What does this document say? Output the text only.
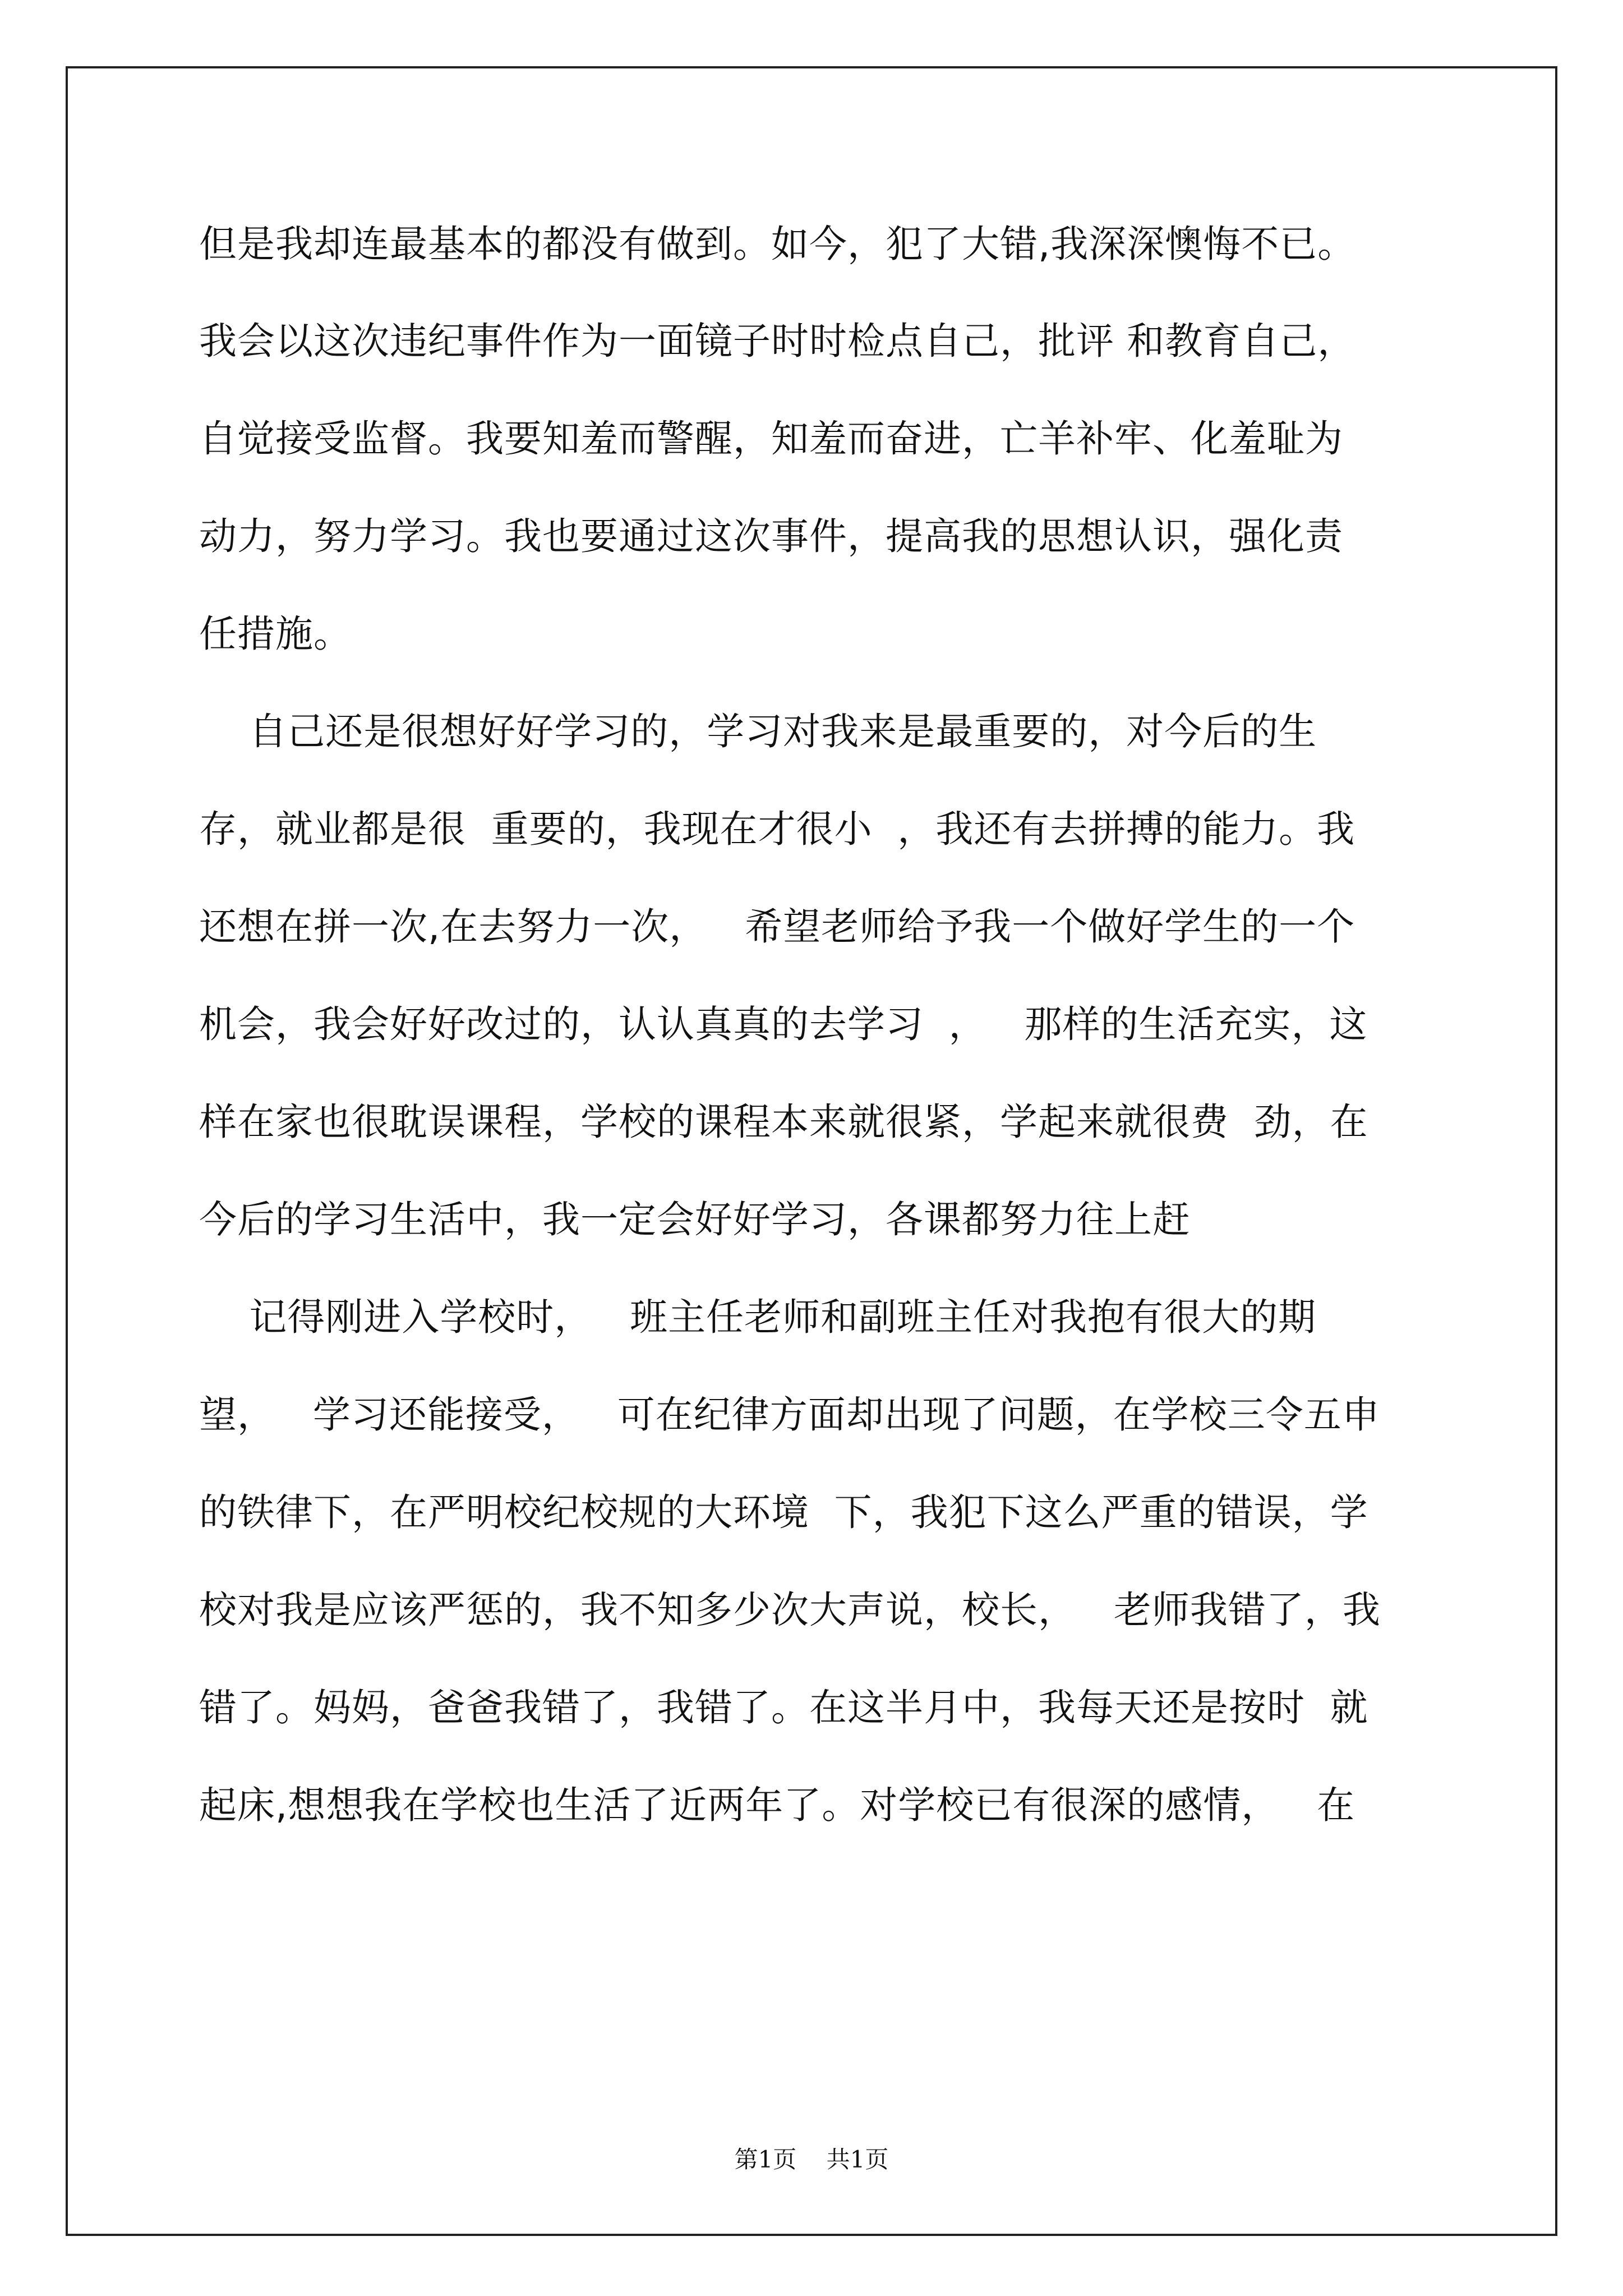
但是我却连最基本的都没有做到。如今，犯了大错,我深深懊悔不已。
我会以这次违纪事件作为一面镜子时时检点自己，批评 和教育自己，
自觉接受监督。我要知羞而警醒，知羞而奋进，亡羊补牢、化羞耻为
动力，努力学习。我也要通过这次事件，提高我的思想认识，强化责
任措施。
自己还是很想好好学习的，学习对我来是最重要的，对今后的生
存，就业都是很  重要的，我现在才很小  ，我还有去拼搏的能力。我
还想在拼一次,在去努力一次，   希望老师给予我一个做好学生的一个
机会，我会好好改过的，认认真真的去学习  ，   那样的生活充实，这
样在家也很耽误课程，学校的课程本来就很紧，学起来就很费  劲，在
今后的学习生活中，我一定会好好学习，各课都努力往上赶
记得刚进入学校时，   班主任老师和副班主任对我抱有很大的期
望，   学习还能接受，   可在纪律方面却出现了问题，在学校三令五申
的铁律下，在严明校纪校规的大环境  下，我犯下这么严重的错误，学
校对我是应该严惩的，我不知多少次大声说，校长，   老师我错了，我
错了。妈妈，爸爸我错了，我错了。在这半月中，我每天还是按时  就
起床,想想我在学校也生活了近两年了。对学校已有很深的感情，   在
第1页    共1页
